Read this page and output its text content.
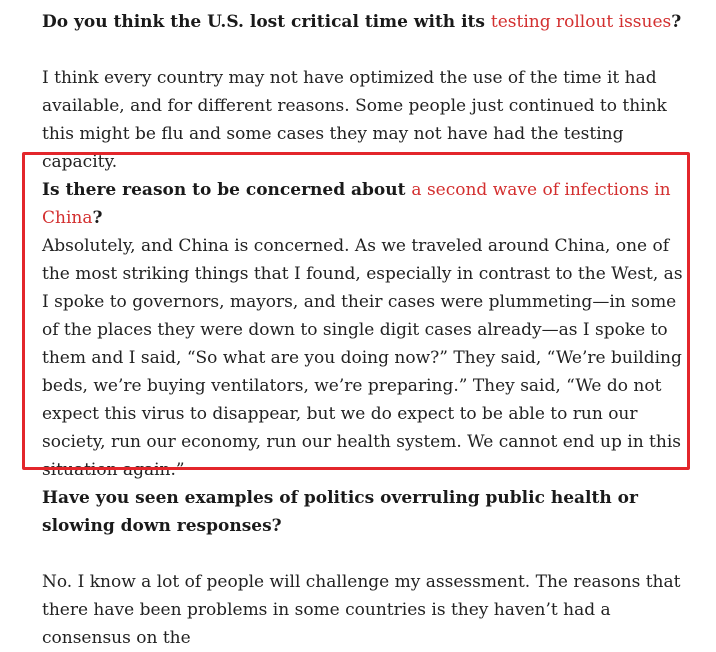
Do you think the U.S. lost critical time with its testing rollout issues?

I think every country may not have optimized the use of the time it had available, and for different reasons. Some people just continued to think this might be flu and some cases they may not have had the testing capacity.

Is there reason to be concerned about a second wave of infections in China?

Absolutely, and China is concerned. As we traveled around China, one of the most striking things that I found, especially in contrast to the West, as I spoke to governors, mayors, and their cases were plummeting—in some of the places they were down to single digit cases already—as I spoke to them and I said, “So what are you doing now?” They said, “We’re building beds, we’re buying ventilators, we’re preparing.” They said, “We do not expect this virus to disappear, but we do expect to be able to run our society, run our economy, run our health system. We cannot end up in this situation again.”

Have you seen examples of politics overruling public health or slowing down responses?

No. I know a lot of people will challenge my assessment. The reasons that there have been problems in some countries is they haven’t had a consensus on the
